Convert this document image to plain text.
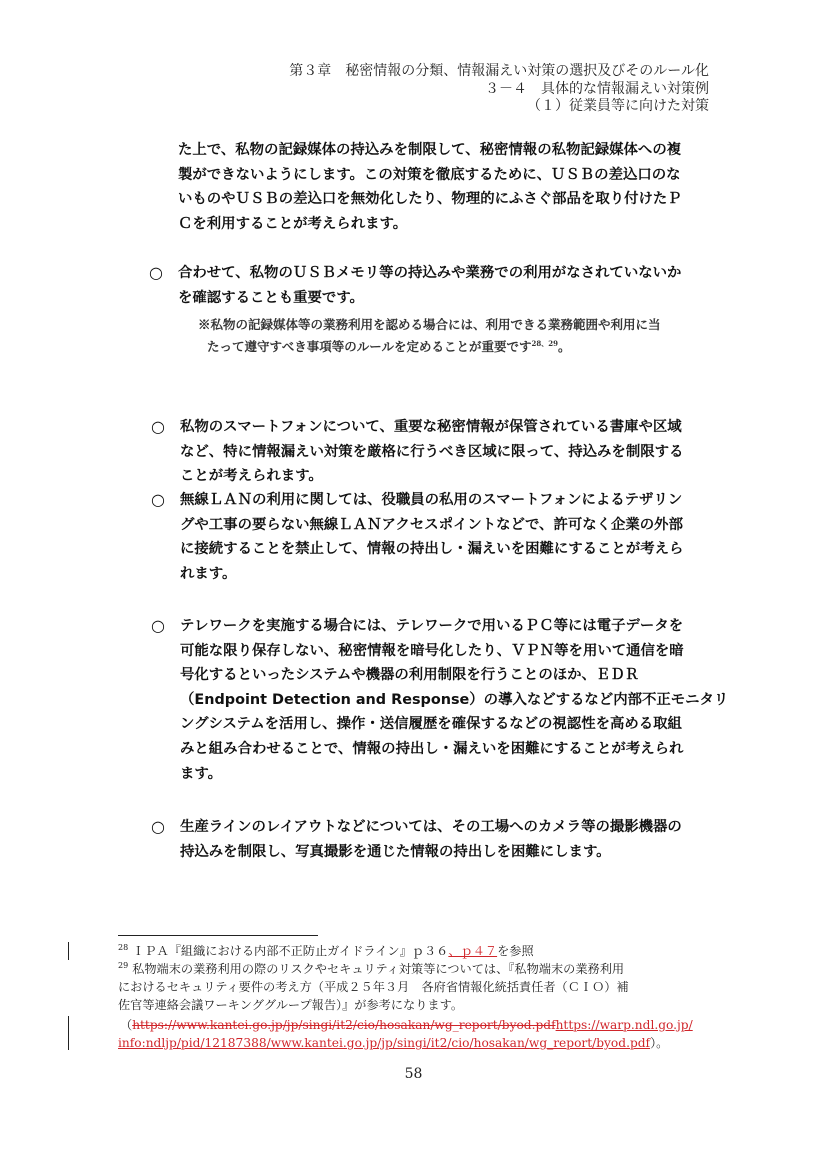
第３章　秘密情報の分類、情報漏えい対策の選択及びそのルール化
３－４　具体的な情報漏えい対策例
（１）従業員等に向けた対策
た上で、私物の記録媒体の持込みを制限して、秘密情報の私物記録媒体への複
製ができないようにします。この対策を徹底するために、ＵＳＢの差込口のな
いものやＵＳＢの差込口を無効化したり、物理的にふさぐ部品を取り付けたＰ
Ｃを利用することが考えられます。
○ 合わせて、私物のＵＳＢメモリ等の持込みや業務での利用がなされていないか
を確認することも重要です。
※私物の記録媒体等の業務利用を認める場合には、利用できる業務範囲や利用に当
たって遵守すべき事項等のルールを定めることが重要です$^{28、29}$。
○ 私物のスマートフォンについて、重要な秘密情報が保管されている書庫や区域
など、特に情報漏えい対策を厳格に行うべき区域に限って、持込みを制限する
ことが考えられます。
○ 無線ＬＡＮの利用に関しては、役職員の私用のスマートフォンによるテザリン
グや工事の要らない無線ＬＡＮアクセスポイントなどで、許可なく企業の外部
に接続することを禁止して、情報の持出し・漏えいを困難にすることが考えら
れます。
○ テレワークを実施する場合には、テレワークで用いるＰＣ等には電子データを
可能な限り保存しない、秘密情報を暗号化したり、ＶＰＮ等を用いて通信を暗
号化するといったシステムや機器の利用制限を行うことのほか、ＥＤＲ
（Endpoint Detection and Response）の導入などするなど内部不正モニタリ
ングシステムを活用し、操作・送信履歴を確保するなどの視認性を高める取組
みと組み合わせることで、情報の持出し・漏えいを困難にすることが考えられ
ます。
○ 生産ラインのレイアウトなどについては、その工場へのカメラ等の撮影機器の
持込みを制限し、写真撮影を通じた情報の持出しを困難にします。
$^{28}$ ＩＰＡ『組織における内部不正防止ガイドライン』ｐ３６、ｐ４７を参照
$^{29}$ 私物端末の業務利用の際のリスクやセキュリティ対策等については、『私物端末の業務利用
におけるセキュリティ要件の考え方（平成２５年３月　各府省情報化統括責任者（ＣＩＯ）補
佐官等連絡会議ワーキンググループ報告）』が参考になります。
（https://www.kantei.go.jp/jp/singi/it2/cio/hosakan/wg_report/byod.pdfhttps://warp.ndl.go.jp/
info:ndljp/pid/12187388/www.kantei.go.jp/jp/singi/it2/cio/hosakan/wg_report/byod.pdf）。
58
